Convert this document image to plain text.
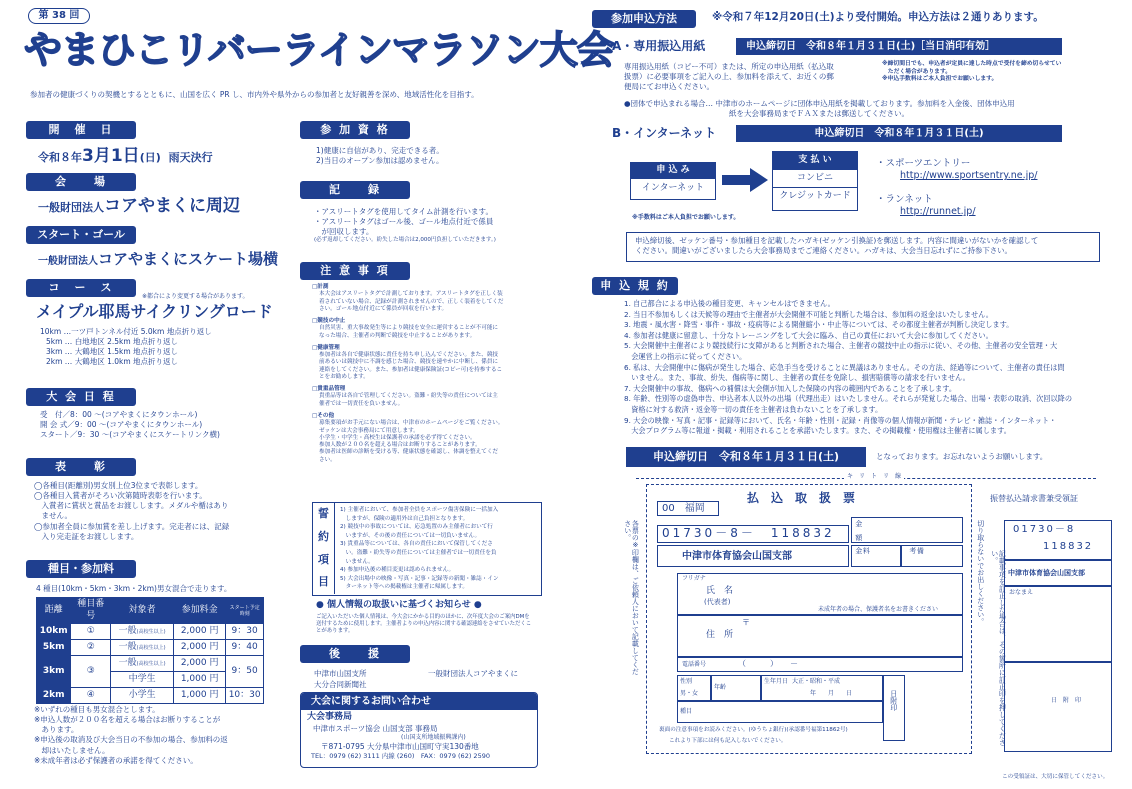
第 38 回
やまひこリバーラインマラソン大会
参加者の健康づくりの契機とするとともに、山国を広く PR し、市内外や県外からの参加者と友好親善を深め、地域活性化を目指す。
開　催　日
令和８年3月1日(日) 雨天決行
会　　場
一般財団法人コアやまくに周辺
スタート・ゴール
一般財団法人コアやまくにスケート場横
コ　ー　ス
※都合により変更する場合があります。
メイプル耶馬サイクリングロード
10km …一ツ戸トンネル付近 5.0km 地点折り返し
5km … 白地地区 2.5km 地点折り返し
3km … 大鶴地区 1.5km 地点折り返し
2km … 大鶴地区 1.0km 地点折り返し
大 会 日 程
受　付／8：00 ～(コアやまくにタウンホール)
開 会 式／9：00 ～(コアやまくにタウンホール)
スタート／9：30 ～(コアやまくにスケートリンク横)
表　　彰
◯各種目(距離別)男女別上位3位まで表彰します。
◯各種目入賞者がそろい次第随時表彰を行います。
　入賞者に賞状と賞品をお渡しします。メダルや楯はあり
　ません。
◯参加者全員に参加賞を差し上げます。完走者には、記録
　入り完走証をお渡しします。
種目・参加料
4 種目(10km・5km・3km・2km)男女混合で走ります。
距離	種目番号	対象者	参加料金	スタート予定時刻
10km	①	一般(高校生以上)	2,000 円	9：30
5km	②	一般(高校生以上)	2,000 円	9：40
3km	③	一般(高校生以上)	2,000 円	9：50
		中学生	1,000 円	
2km	④	小学生	1,000 円	10：30
※いずれの種目も男女混合とします。
※申込人数が２００名を超える場合はお断りすることが
　あります。
※申込後の取消及び大会当日の不参加の場合、参加料の返
　却はいたしません。
※未成年者は必ず保護者の承諾を得てください。
参 加 資 格
1)健康に自信があり、完走できる者。
2)当日のオープン参加は認めません。
記　　録
・アスリートタグを使用してタイム計測を行います。
・アスリートタグはゴール後、ゴール地点付近で係員
　が回収します。
(必ず返却してください。紛失した場合は2,000円負担していただきます。)
注 意 事 項
□計測
本大会はアスリートタグで計測しております。アスリートタグを正しく装
着されていない場合、記録が計測されませんので、正しく装着をしてくだ
さい。ゴール地点付近にて係員が回収を行います。
□競技の中止
自然災害、重大事故発生等により競技を安全に運営することが不可能に
なった場合、主催者の判断で競技を中止することがあります。
□健康管理
参加者は各自で健康状態に責任を持ち申し込んでください。また、競技
前あるいは競技中に不調を感じた場合、競技を速やかに中断し、係員に
連絡をしてください。また、参加者は健康保険証(コピー可)を持参するこ
とをお勧めします。
□貴重品管理
貴重品等は各自で管理してください。盗難・紛失等の責任については主
催者では一切責任を負いません。
□その他
募集要項がお手元にない場合は、中津市のホームページをご覧ください。
ゼッケンは大会事務局にて用意します。
小学生・中学生・高校生は保護者の承諾を必ず得てください。
参加人数が２００名を超える場合はお断りすることがあります。
参加者は医師の診断を受ける等、健康状態を確認し、体調を整えてくだ
さい。
誓
約
項
目
1) 主催者において、参加者全員をスポーツ傷害保険に一括加入
　しますが、保険の適用外は自己負担となります。
2) 競技中の事故については、応急処置のみ主催者において行
　いますが、その後の責任については一切負いません。
3) 貴重品等については、各自の責任において保管してくださ
　い。盗難・紛失等の責任については主催者では一切責任を負
　いません。
4) 参加申込後の種目変更は認められません。
5) 大会出場中の映像・写真・記事・記録等の新聞・雑誌・イン
　ターネット等への掲載権は主催者に帰属します。
● 個人情報の取扱いに基づくお知らせ ●
ご記入いただいた個人情報は、今大会にかかる目的のほかに、次年度大会のご案内DMを
送付するために使用します。主催者よりの申込内容に関する確認連絡をさせていただくこ
とがあります。
後　　援
中津市山国支所	一般財団法人コアやまくに
大分合同新聞社
大会に関するお問い合わせ
大会事務局
中津市スポーツ協会 山国支部 事務局
(山国支所地域振興課内)
〒871-0795 大分県中津市山国町守実130番地
TEL：0979 (62) 3111 内線 (260)　FAX：0979 (62) 2590
参加申込方法	※令和７年12月20日(土)より受付開始。申込方法は２通りあります。
A・専用振込用紙	申込締切日　令和８年１月３１日(土)［当日消印有効］
専用振込用紙（コピー不可）または、所定の申込用紙（払込取
扱票）に必要事項をご記入の上、参加料を添えて、お近くの郵
便局にてお申込ください。
※締切間日でも、申込者が定員に達した時点で受付を締め切らせてい
　ただく場合があります。
※申込手数料はご本人負担でお願いします。
●団体で申込まれる場合… 中津市のホームページに団体申込用紙を掲載しております。参加料を入金後、団体申込用
　　　　　　　　　　　　　　紙を大会事務局までＦＡＸまたは郵送してください。
B・インターネット	申込締切日　令和８年１月３１日(土)
申 込 み
インターネット
支 払 い
コンビニ
クレジットカード
・スポーツエントリー
http://www.sportsentry.ne.jp/
・ランネット
http://runnet.jp/
※手数料はご本人負担でお願いします。
申込締切後、ゼッケン番号・参加種目を記載したハガキ(ゼッケン引換証)を郵送します。内容に間違いがないかを確認して
ください。間違いがございましたら大会事務局までご連絡ください。ハガキは、大会当日忘れずにご持参下さい。
申 込 規 約
1. 自己都合による申込後の種目変更、キャンセルはできません。
2. 当日不参加もしくは天候等の理由で主催者が大会開催不可能と判断した場合は、参加料の返金はいたしません。
3. 地震・風水害・降雪・事件・事故・疫病等による開催縮小・中止等については、その都度主催者が判断し決定します。
4. 参加者は健康に留意し、十分なトレーニングをして大会に臨み、自己の責任において大会に参加してください。
5. 大会開催中主催者により競技続行に支障があると判断された場合、主催者の競技中止の指示に従い、その他、主催者の安全管理・大
　会運営上の指示に従ってください。
6. 私は、大会開催中に傷病が発生した場合、応急手当を受けることに異議はありません。その方法、経過等について、主催者の責任は問
　いません。また、事故、紛失、傷病等に関し、主催者の責任を免除し、損害賠償等の請求を行いません。
7. 大会開催中の事故、傷病への補償は大会側が加入した保険の内容の範囲内であることを了承します。
8. 年齢、性別等の虚偽申告、申込者本人以外の出場（代理出走）はいたしません。それらが発覚した場合、出場・表彰の取消、次回以降の
　資格に対する救済・返金等一切の責任を主催者は負わないことを了承します。
9. 大会の映像・写真・記事・記録等において、氏名・年齢・性別・記録・肖像等の個人情報が新聞・テレビ・雑誌・インターネット・
　大会プログラム等に報道・掲載・利用されることを承諾いたします。また、その掲載権・使用権は主催者に属します。
申込締切日　令和８年１月３１日(土)	となっております。お忘れないようお願いします。
キ　リ　ト　リ　線
各票の※印欄は、ご依頼人において記載してください。
払　込　取　扱　票
00　福岡
01730－8－　118832	金　額
中津市体育協会山国支部
料　金	備　考
フリガナ
氏　名
(代表者)
未成年者の場合、保護者名をお書きください
住　所
〒
電話番号	（　　　）　　－
性別
男・女
年齢
生年月日 大正・昭和・平成
年　　月　　日
種目
日附印
裏面の注意事項をお読みください。(ゆうちょ銀行)(承認番号福第11862号)
これより下部には何も記入しないでください。
切り取らないでお出しください。
振替払込請求書兼受領証
01730－8
118832
中津市体育協会山国支部
おなまえ
日　附　印
記載事項を訂正した場合は、その箇所に訂正印を押してください。
この受領証は、大切に保管してください。
